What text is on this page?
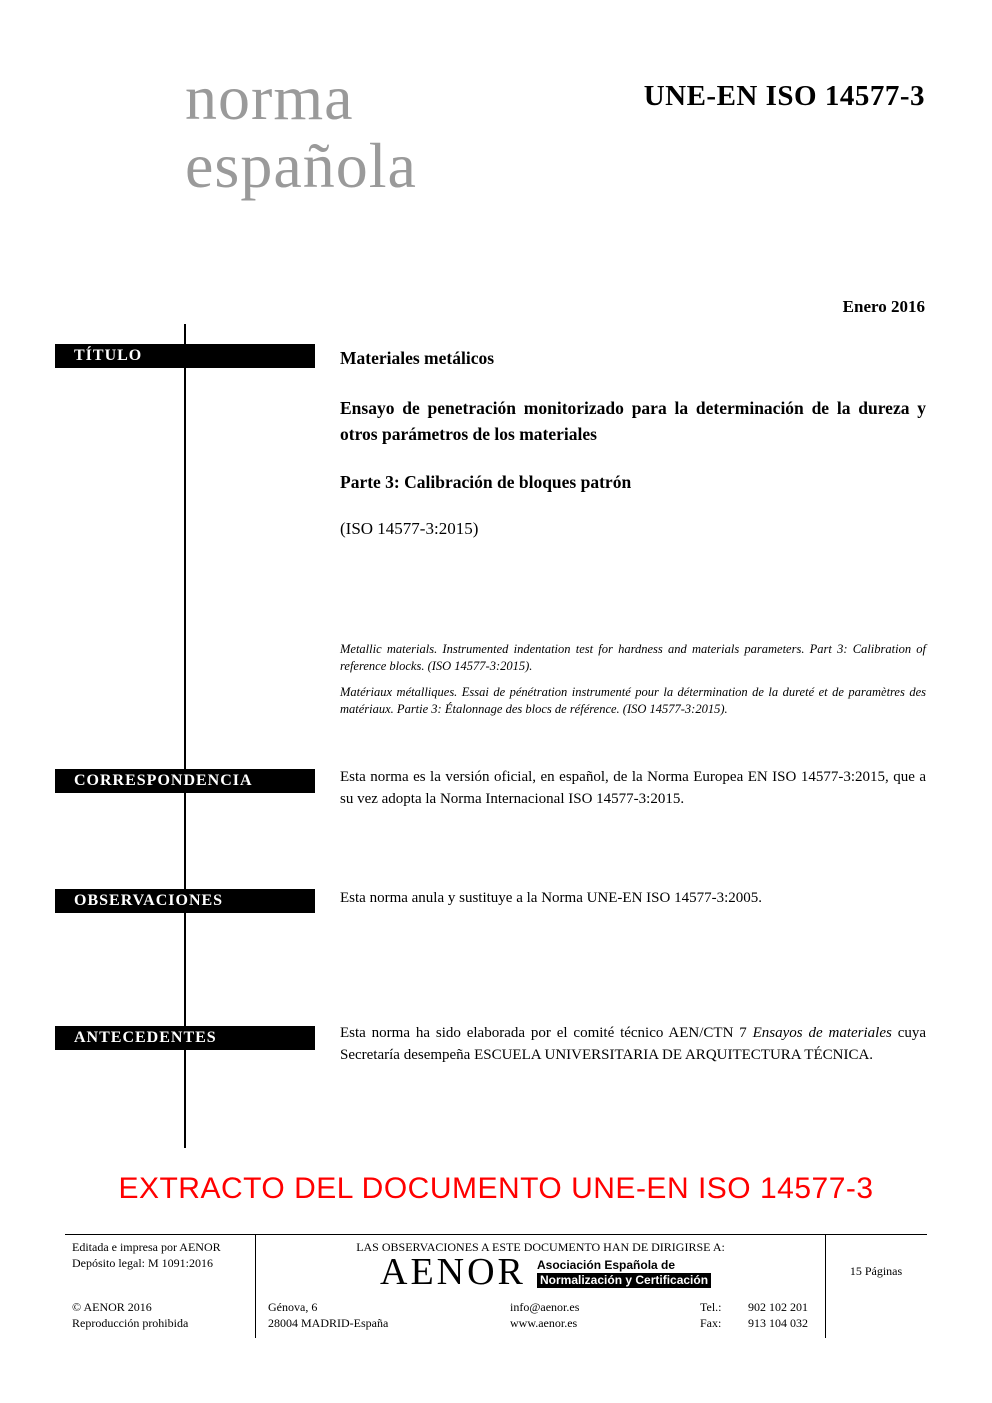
UNE-EN ISO 14577-3
norma
española
Enero 2016
TÍTULO
CORRESPONDENCIA
OBSERVACIONES
ANTECEDENTES
Materiales metálicos
Ensayo de penetración monitorizado para la determinación de la dureza y otros parámetros de los materiales
Parte 3: Calibración de bloques patrón
(ISO 14577-3:2015)
Metallic materials. Instrumented indentation test for hardness and materials parameters. Part 3: Calibration of reference blocks. (ISO 14577-3:2015).
Matériaux métalliques. Essai de pénétration instrumenté pour la détermination de la dureté et de paramètres des matériaux. Partie 3: Étalonnage des blocs de référence. (ISO 14577-3:2015).
Esta norma es la versión oficial, en español, de la Norma Europea EN ISO 14577-3:2015, que a su vez adopta la Norma Internacional ISO 14577-3:2015.
Esta norma anula y sustituye a la Norma UNE-EN ISO 14577-3:2005.
Esta norma ha sido elaborada por el comité técnico AEN/CTN 7 Ensayos de materiales cuya Secretaría desempeña ESCUELA UNIVERSITARIA DE ARQUITECTURA TÉCNICA.
EXTRACTO DEL DOCUMENTO UNE-EN ISO 14577-3
Editada e impresa por AENOR
Depósito legal: M 1091:2016
LAS OBSERVACIONES A ESTE DOCUMENTO HAN DE DIRIGIRSE A:
AENOR Asociación Española de
Normalización y Certificación
15 Páginas
© AENOR 2016
Reproducción prohibida
Génova, 6
28004 MADRID-España
info@aenor.es
www.aenor.es
Tel.: 902 102 201
Fax: 913 104 032
